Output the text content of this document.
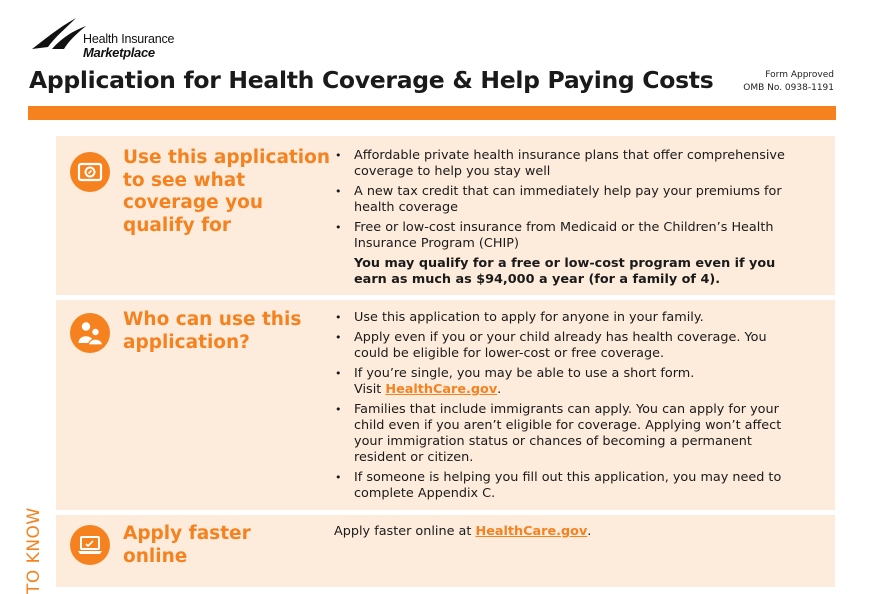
Health Insurance
Marketplace
Application for Health Coverage & Help Paying Costs	Form Approved
OMB No. 0938-1191
TO KNOW
Use this application
to see what
coverage you
qualify for
• Affordable private health insurance plans that offer comprehensive coverage to help you stay well
• A new tax credit that can immediately help pay your premiums for health coverage
• Free or low-cost insurance from Medicaid or the Children’s Health Insurance Program (CHIP)
You may qualify for a free or low-cost program even if you earn as much as $94,000 a year (for a family of 4).
Who can use this
application?
• Use this application to apply for anyone in your family.
• Apply even if you or your child already has health coverage. You could be eligible for lower-cost or free coverage.
• If you’re single, you may be able to use a short form.
Visit HealthCare.gov.
• Families that include immigrants can apply. You can apply for your child even if you aren’t eligible for coverage. Applying won’t affect your immigration status or chances of becoming a permanent resident or citizen.
• If someone is helping you fill out this application, you may need to complete Appendix C.
Apply faster
online
Apply faster online at HealthCare.gov.
